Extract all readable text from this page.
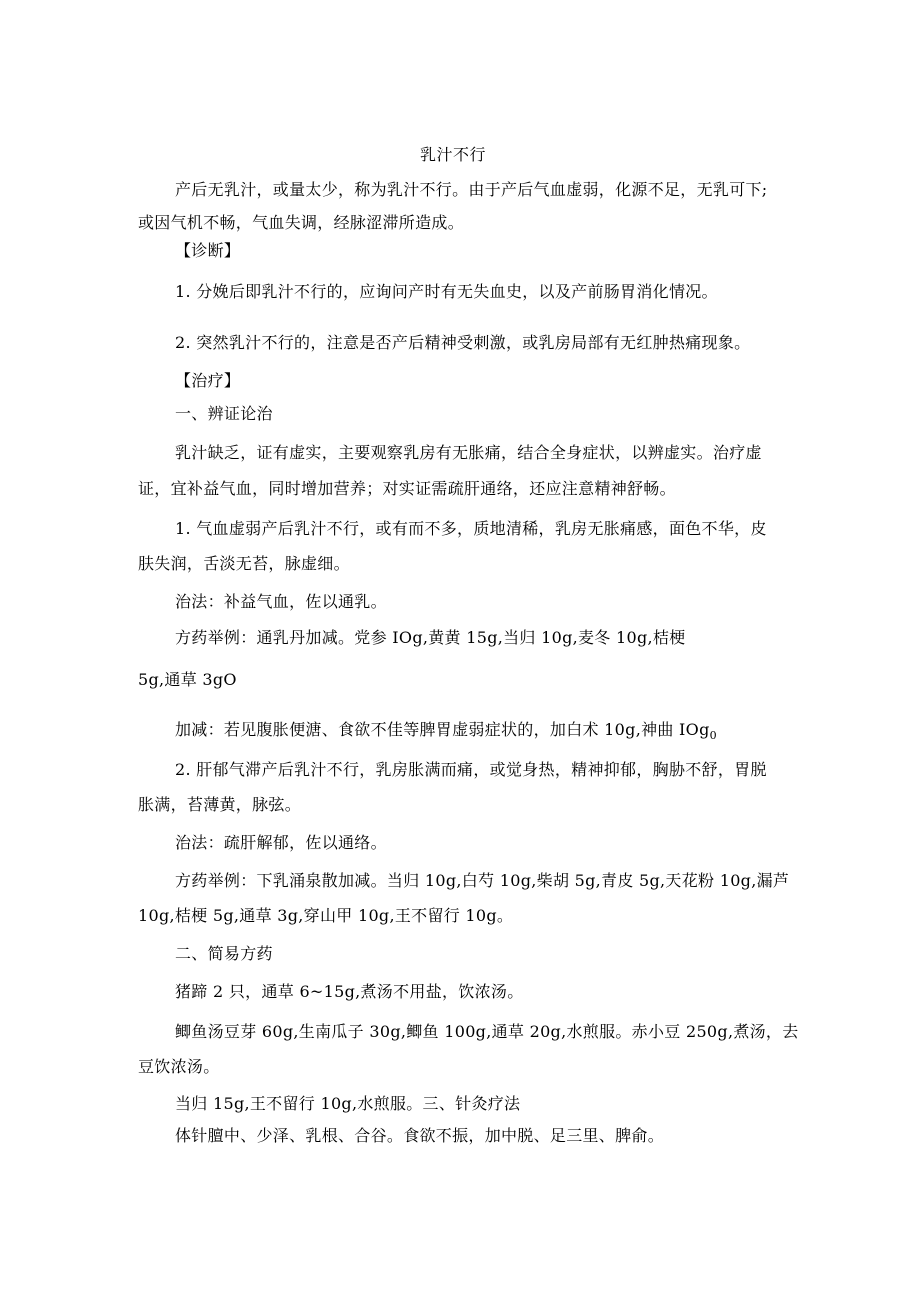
乳汁不行
产后无乳汁，或量太少，称为乳汁不行。由于产后气血虚弱，化源不足，无乳可下;
或因气机不畅，气血失调，经脉涩滞所造成。
【诊断】
1. 分娩后即乳汁不行的，应询问产时有无失血史，以及产前肠胃消化情况。
2. 突然乳汁不行的，注意是否产后精神受刺激，或乳房局部有无红肿热痛现象。
【治疗】
一、辨证论治
乳汁缺乏，证有虚实，主要观察乳房有无胀痛，结合全身症状，以辨虚实。治疗虚
证，宜补益气血，同时增加营养；对实证需疏肝通络，还应注意精神舒畅。
1. 气血虚弱产后乳汁不行，或有而不多，质地清稀，乳房无胀痛感，面色不华，皮
肤失润，舌淡无苔，脉虚细。
治法：补益气血，佐以通乳。
方药举例：通乳丹加减。党参 IOg,黄黄 15g,当归 10g,麦冬 10g,桔梗
5g,通草 3gO
加减：若见腹胀便溏、食欲不佳等脾胃虚弱症状的，加白术 10g,神曲 IOg$_0$
2. 肝郁气滞产后乳汁不行，乳房胀满而痛，或觉身热，精神抑郁，胸胁不舒，胃脱
胀满，苔薄黄，脉弦。
治法：疏肝解郁，佐以通络。
方药举例：下乳涌泉散加减。当归 10g,白芍 10g,柴胡 5g,青皮 5g,天花粉 10g,漏芦
10g,桔梗 5g,通草 3g,穿山甲 10g,王不留行 10g。
二、简易方药
猪蹄 2 只，通草 6~15g,煮汤不用盐，饮浓汤。
鲫鱼汤豆芽 60g,生南瓜子 30g,鲫鱼 100g,通草 20g,水煎服。赤小豆 250g,煮汤，去
豆饮浓汤。
当归 15g,王不留行 10g,水煎服。三、针灸疗法
体针膻中、少泽、乳根、合谷。食欲不振，加中脱、足三里、脾俞。
